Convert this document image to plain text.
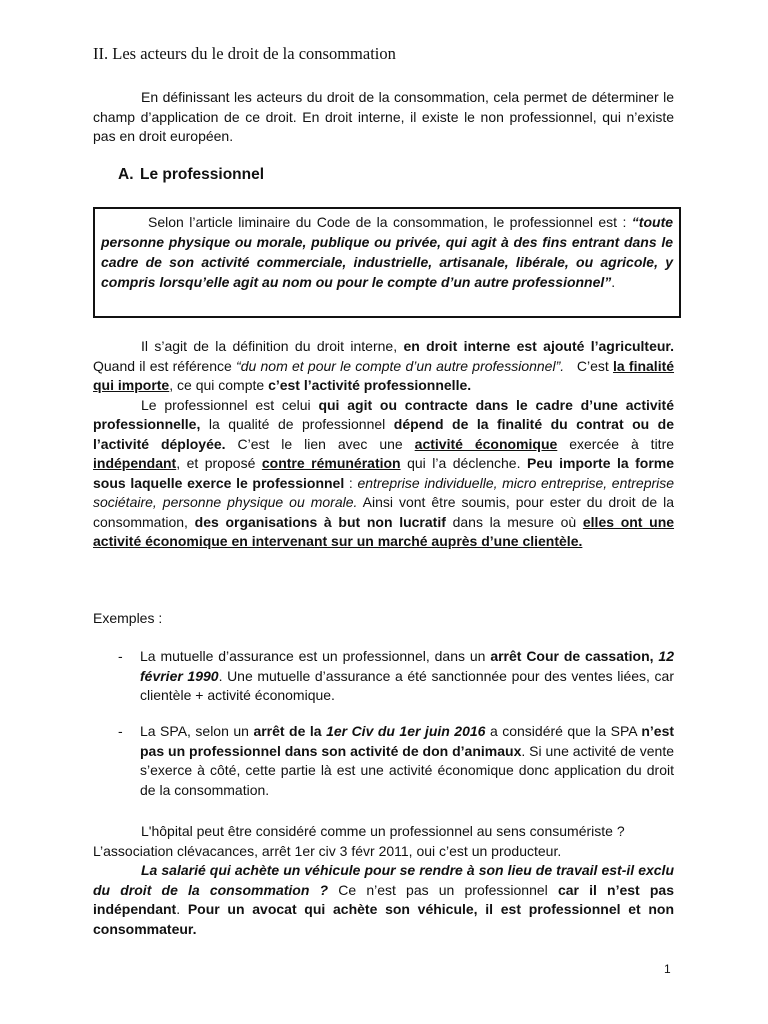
II. Les acteurs du le droit de la consommation
En définissant les acteurs du droit de la consommation, cela permet de déterminer le champ d’application de ce droit. En droit interne, il existe le non professionnel, qui n’existe pas en droit européen.
A. Le professionnel
Selon l’article liminaire du Code de la consommation, le professionnel est : “toute personne physique ou morale, publique ou privée, qui agit à des fins entrant dans le cadre de son activité commerciale, industrielle, artisanale, libérale, ou agricole, y compris lorsqu’elle agit au nom ou pour le compte d’un autre professionnel”.

Il s’agit de la définition du droit interne, en droit interne est ajouté l’agriculteur. Quand il est référence “du nom et pour le compte d’un autre professionnel”. C’est la finalité qui importe, ce qui compte c’est l’activité professionnelle.

Le professionnel est celui qui agit ou contracte dans le cadre d’une activité professionnelle, la qualité de professionnel dépend de la finalité du contrat ou de l’activité déployée. C’est le lien avec une activité économique exercée à titre indépendant, et proposé contre rémunération qui l’a déclenche. Peu importe la forme sous laquelle exerce le professionnel : entreprise individuelle, micro entreprise, entreprise sociétaire, personne physique ou morale. Ainsi vont être soumis, pour ester du droit de la consommation, des organisations à but non lucratif dans la mesure où elles ont une activité économique en intervenant sur un marché auprès d’une clientèle.

Exemples :
- La mutuelle d’assurance est un professionnel, dans un arrêt Cour de cassation, 12 février 1990. Une mutuelle d’assurance a été sanctionnée pour des ventes liées, car clientèle + activité économique.
- La SPA, selon un arrêt de la 1er Civ du 1er juin 2016 a considéré que la SPA n’est pas un professionnel dans son activité de don d’animaux. Si une activité de vente s’exerce à côté, cette partie là est une activité économique donc application du droit de la consommation.

L'hôpital peut être considéré comme un professionnel au sens consumériste ?

L’association clévacances, arrêt 1er civ 3 févr 2011, oui c’est un producteur.

La salarié qui achète un véhicule pour se rendre à son lieu de travail est-il exclu du droit de la consommation ? Ce n’est pas un professionnel car il n’est pas indépendant. Pour un avocat qui achète son véhicule, il est professionnel et non consommateur.

1
